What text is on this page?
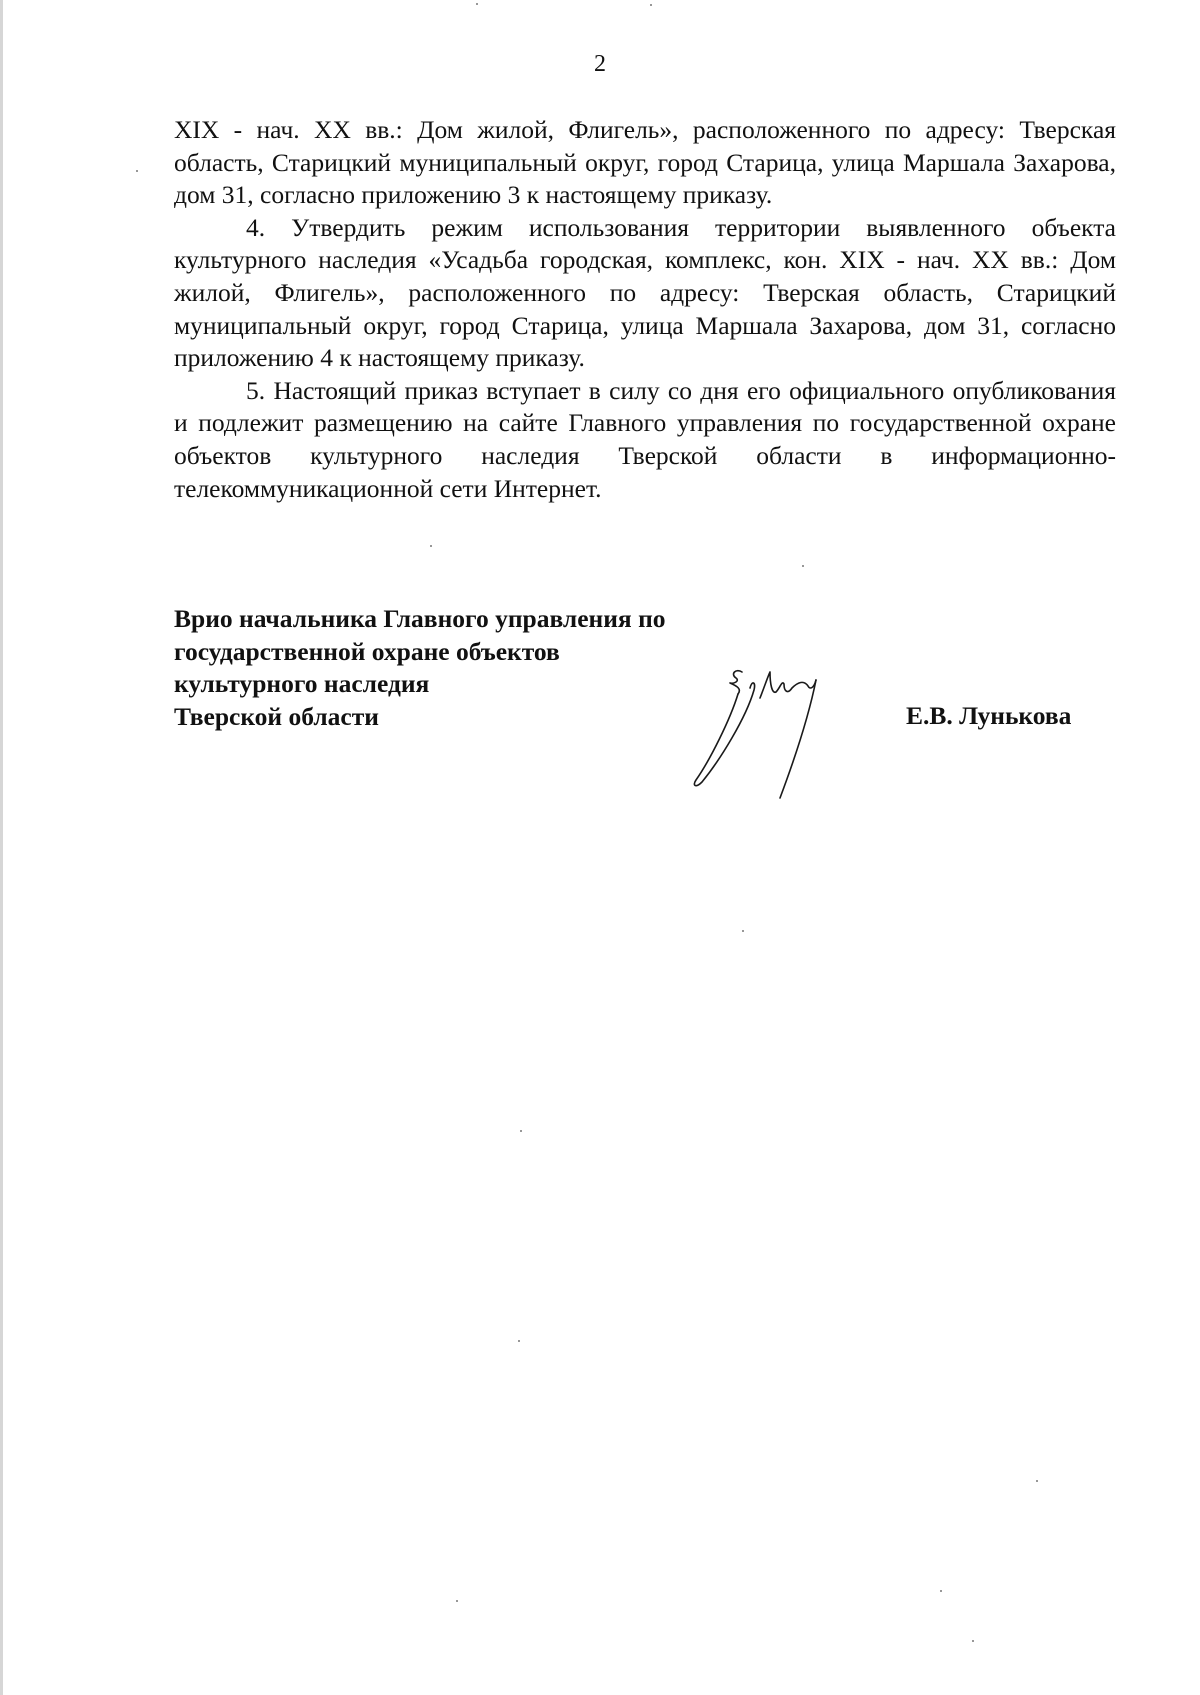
2

XIX - нач. XX вв.: Дом жилой, Флигель», расположенного по адресу: Тверская область, Старицкий муниципальный округ, город Старица, улица Маршала Захарова, дом 31, согласно приложению 3 к настоящему приказу.

4. Утвердить режим использования территории выявленного объекта культурного наследия «Усадьба городская, комплекс, кон. XIX - нач. XX вв.: Дом жилой, Флигель», расположенного по адресу: Тверская область, Старицкий муниципальный округ, город Старица, улица Маршала Захарова, дом 31, согласно приложению 4 к настоящему приказу.

5. Настоящий приказ вступает в силу со дня его официального опубликования и подлежит размещению на сайте Главного управления по государственной охране объектов культурного наследия Тверской области в информационно-телекоммуникационной сети Интернет.

Врио начальника Главного управления по
государственной охране объектов
культурного наследия
Тверской области	Е.В. Лунькова
